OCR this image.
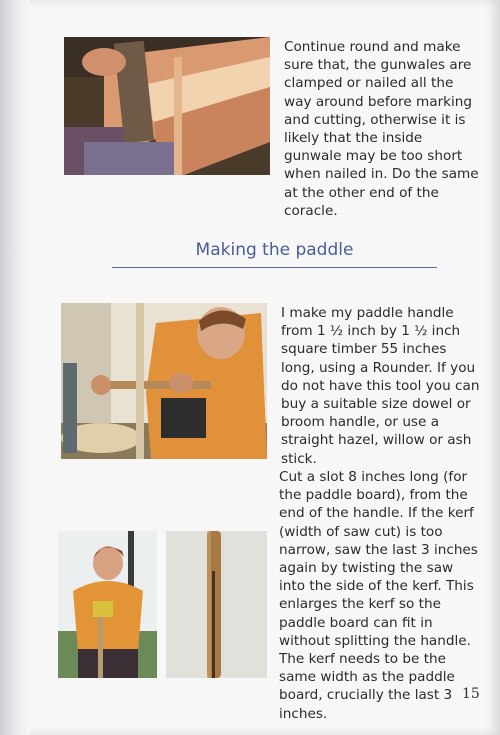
Continue round and make sure that, the gunwales are clamped or nailed all the way around before marking and cutting, otherwise it is likely that the inside gunwale may be too short when nailed in. Do the same at the other end of the coracle.

Making the paddle

I make my paddle handle from 1 ½ inch by 1 ½ inch square timber 55 inches long, using a Rounder. If you do not have this tool you can buy a suitable size dowel or broom handle, or use a straight hazel, willow or ash stick.

Cut a slot 8 inches long (for the paddle board), from the end of the handle. If the kerf (width of saw cut) is too narrow, saw the last 3 inches again by twisting the saw into the side of the kerf. This enlarges the kerf so the paddle board can fit in without splitting the handle. The kerf needs to be the same width as the paddle board, crucially the last 3 inches.

15
